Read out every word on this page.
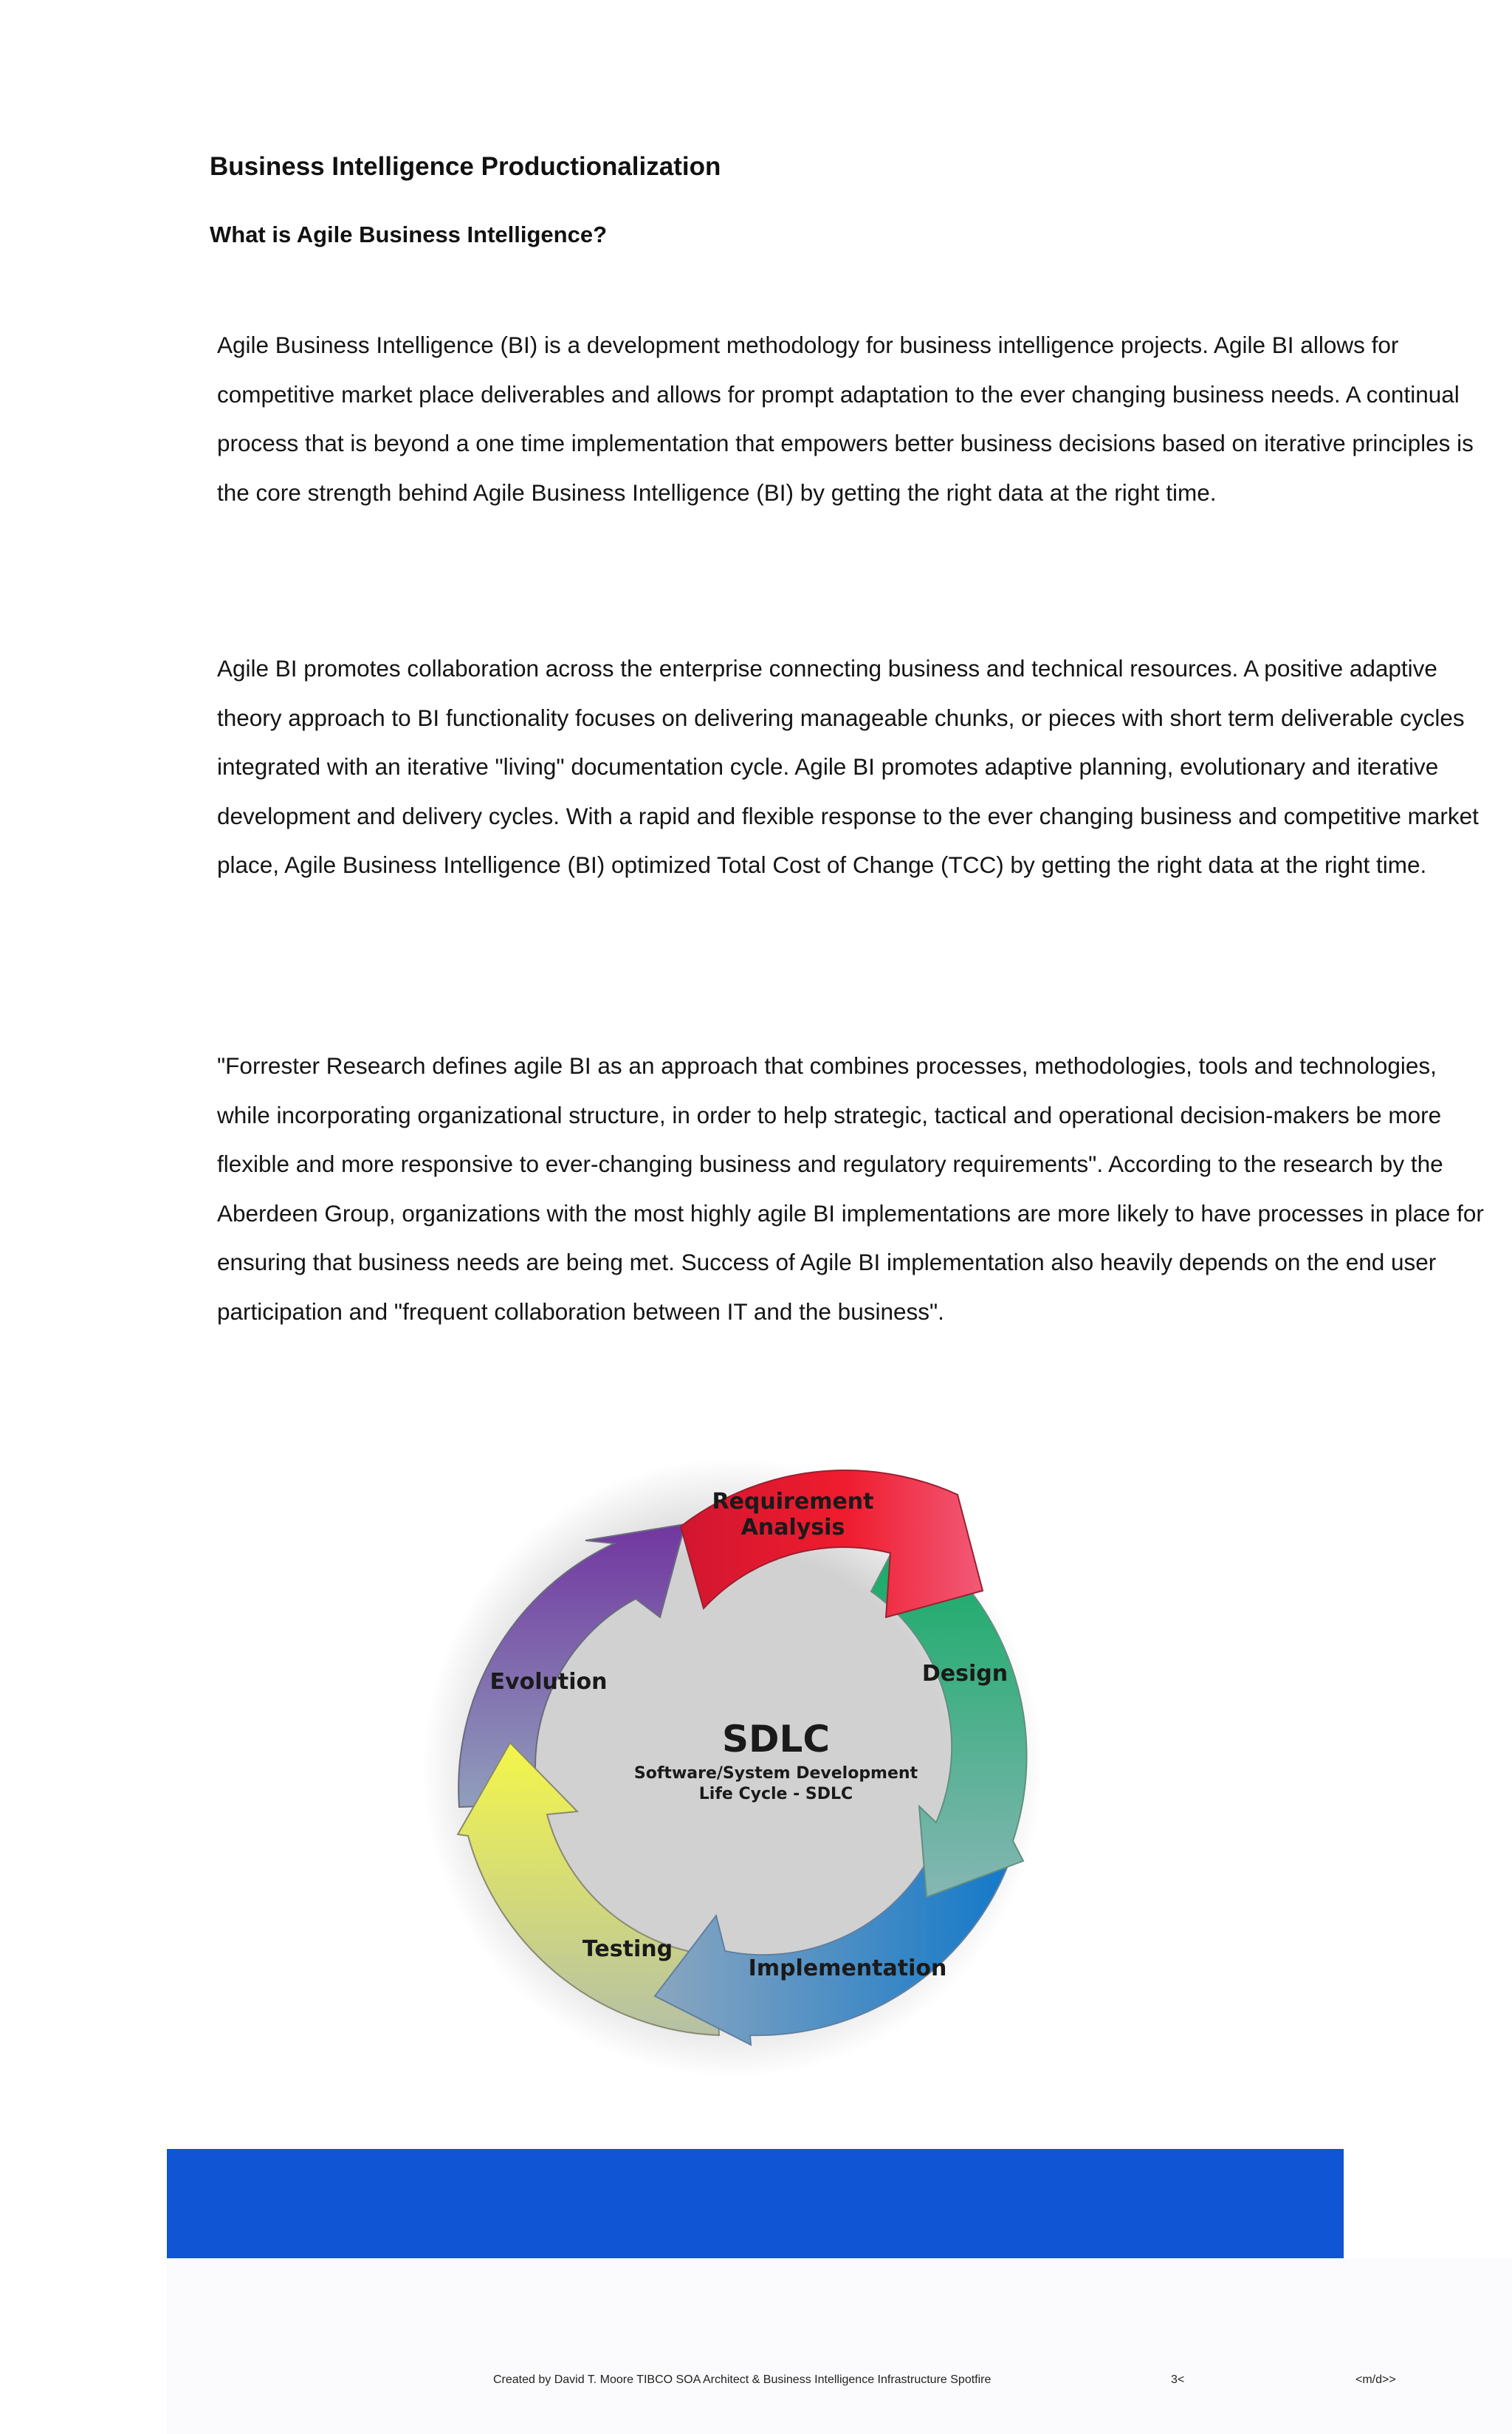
Business Intelligence Productionalization
What is Agile Business Intelligence?

Agile Business Intelligence (BI) is a development methodology for business intelligence projects. Agile BI allows for competitive market place deliverables and allows for prompt adaptation to the ever changing business needs. A continual process that is beyond a one time implementation that empowers better business decisions based on iterative principles is the core strength behind Agile Business Intelligence (BI) by getting the right data at the right time.

Agile BI promotes collaboration across the enterprise connecting business and technical resources. A positive adaptive theory approach to BI functionality focuses on delivering manageable chunks, or pieces with short term deliverable cycles integrated with an iterative "living" documentation cycle. Agile BI promotes adaptive planning, evolutionary and iterative development and delivery cycles. With a rapid and flexible response to the ever changing business and competitive market place, Agile Business Intelligence (BI) optimized Total Cost of Change (TCC) by getting the right data at the right time.

"Forrester Research defines agile BI as an approach that combines processes, methodologies, tools and technologies, while incorporating organizational structure, in order to help strategic, tactical and operational decision-makers be more flexible and more responsive to ever-changing business and regulatory requirements". According to the research by the Aberdeen Group, organizations with the most highly agile BI implementations are more likely to have processes in place for ensuring that business needs are being met. Success of Agile BI implementation also heavily depends on the end user participation and "frequent collaboration between IT and the business".

Requirement
Analysis
Design
Implementation
Testing
Evolution
SDLC
Software/System Development
Life Cycle - SDLC
Created by David T. Moore TIBCO SOA Architect & Business Intelligence Infrastructure Spotfire	3<	<m/d>>
